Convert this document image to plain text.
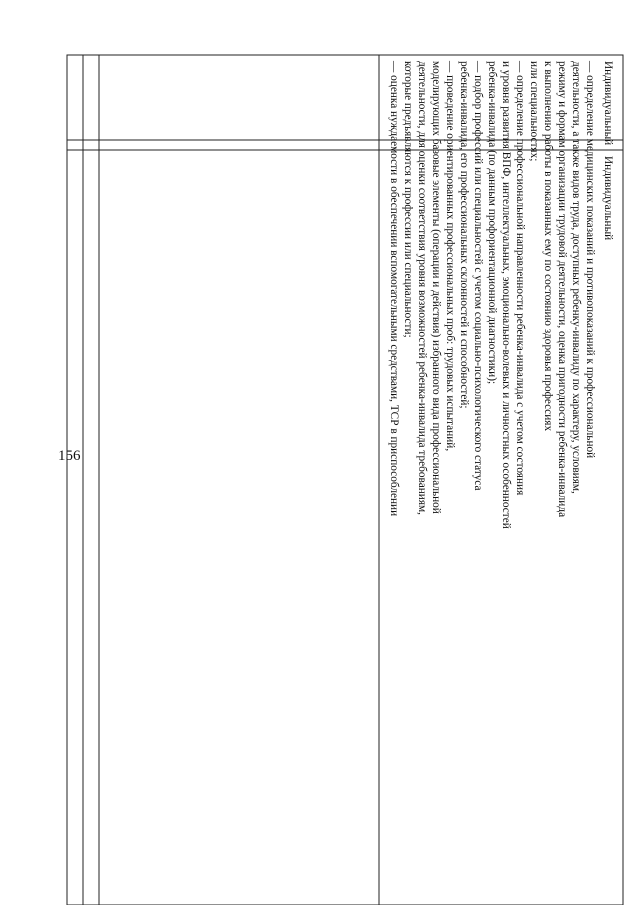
156
Индивидуальный
Индивидуальный
— определение медицинских показаний и противопоказаний к профессиональной
деятельности, а также видов труда, доступных ребенку-инвалиду по характеру, условиям,
режиму и формам организации трудовой деятельности, оценка пригодности ребенка-инвалида
к выполнению работы в показанных ему по состоянию здоровья профессиях
или специальностях;
— определение профессиональной направленности ребенка-инвалида с учетом состояния
и уровня развития ВПФ, интеллектуальных, эмоционально-волевых и личностных особенностей
ребенка-инвалида (по данным профориентационной диагностики);
— подбор профессий или специальностей с учетом социально-психологического статуса
ребенка-инвалида, его профессиональных склонностей и способностей;
— проведение ориентированных профессиональных проб: трудовых испытаний,
моделирующих базовые элементы (операции и действия) избранного вида профессиональной
деятельности, для оценки соответствия уровня возможностей ребенка-инвалида требованиям,
которые предъявляются к профессии или специальности;
— оценка нуждаемости в обеспечении вспомогательными средствами, ТСР в приспособлении
